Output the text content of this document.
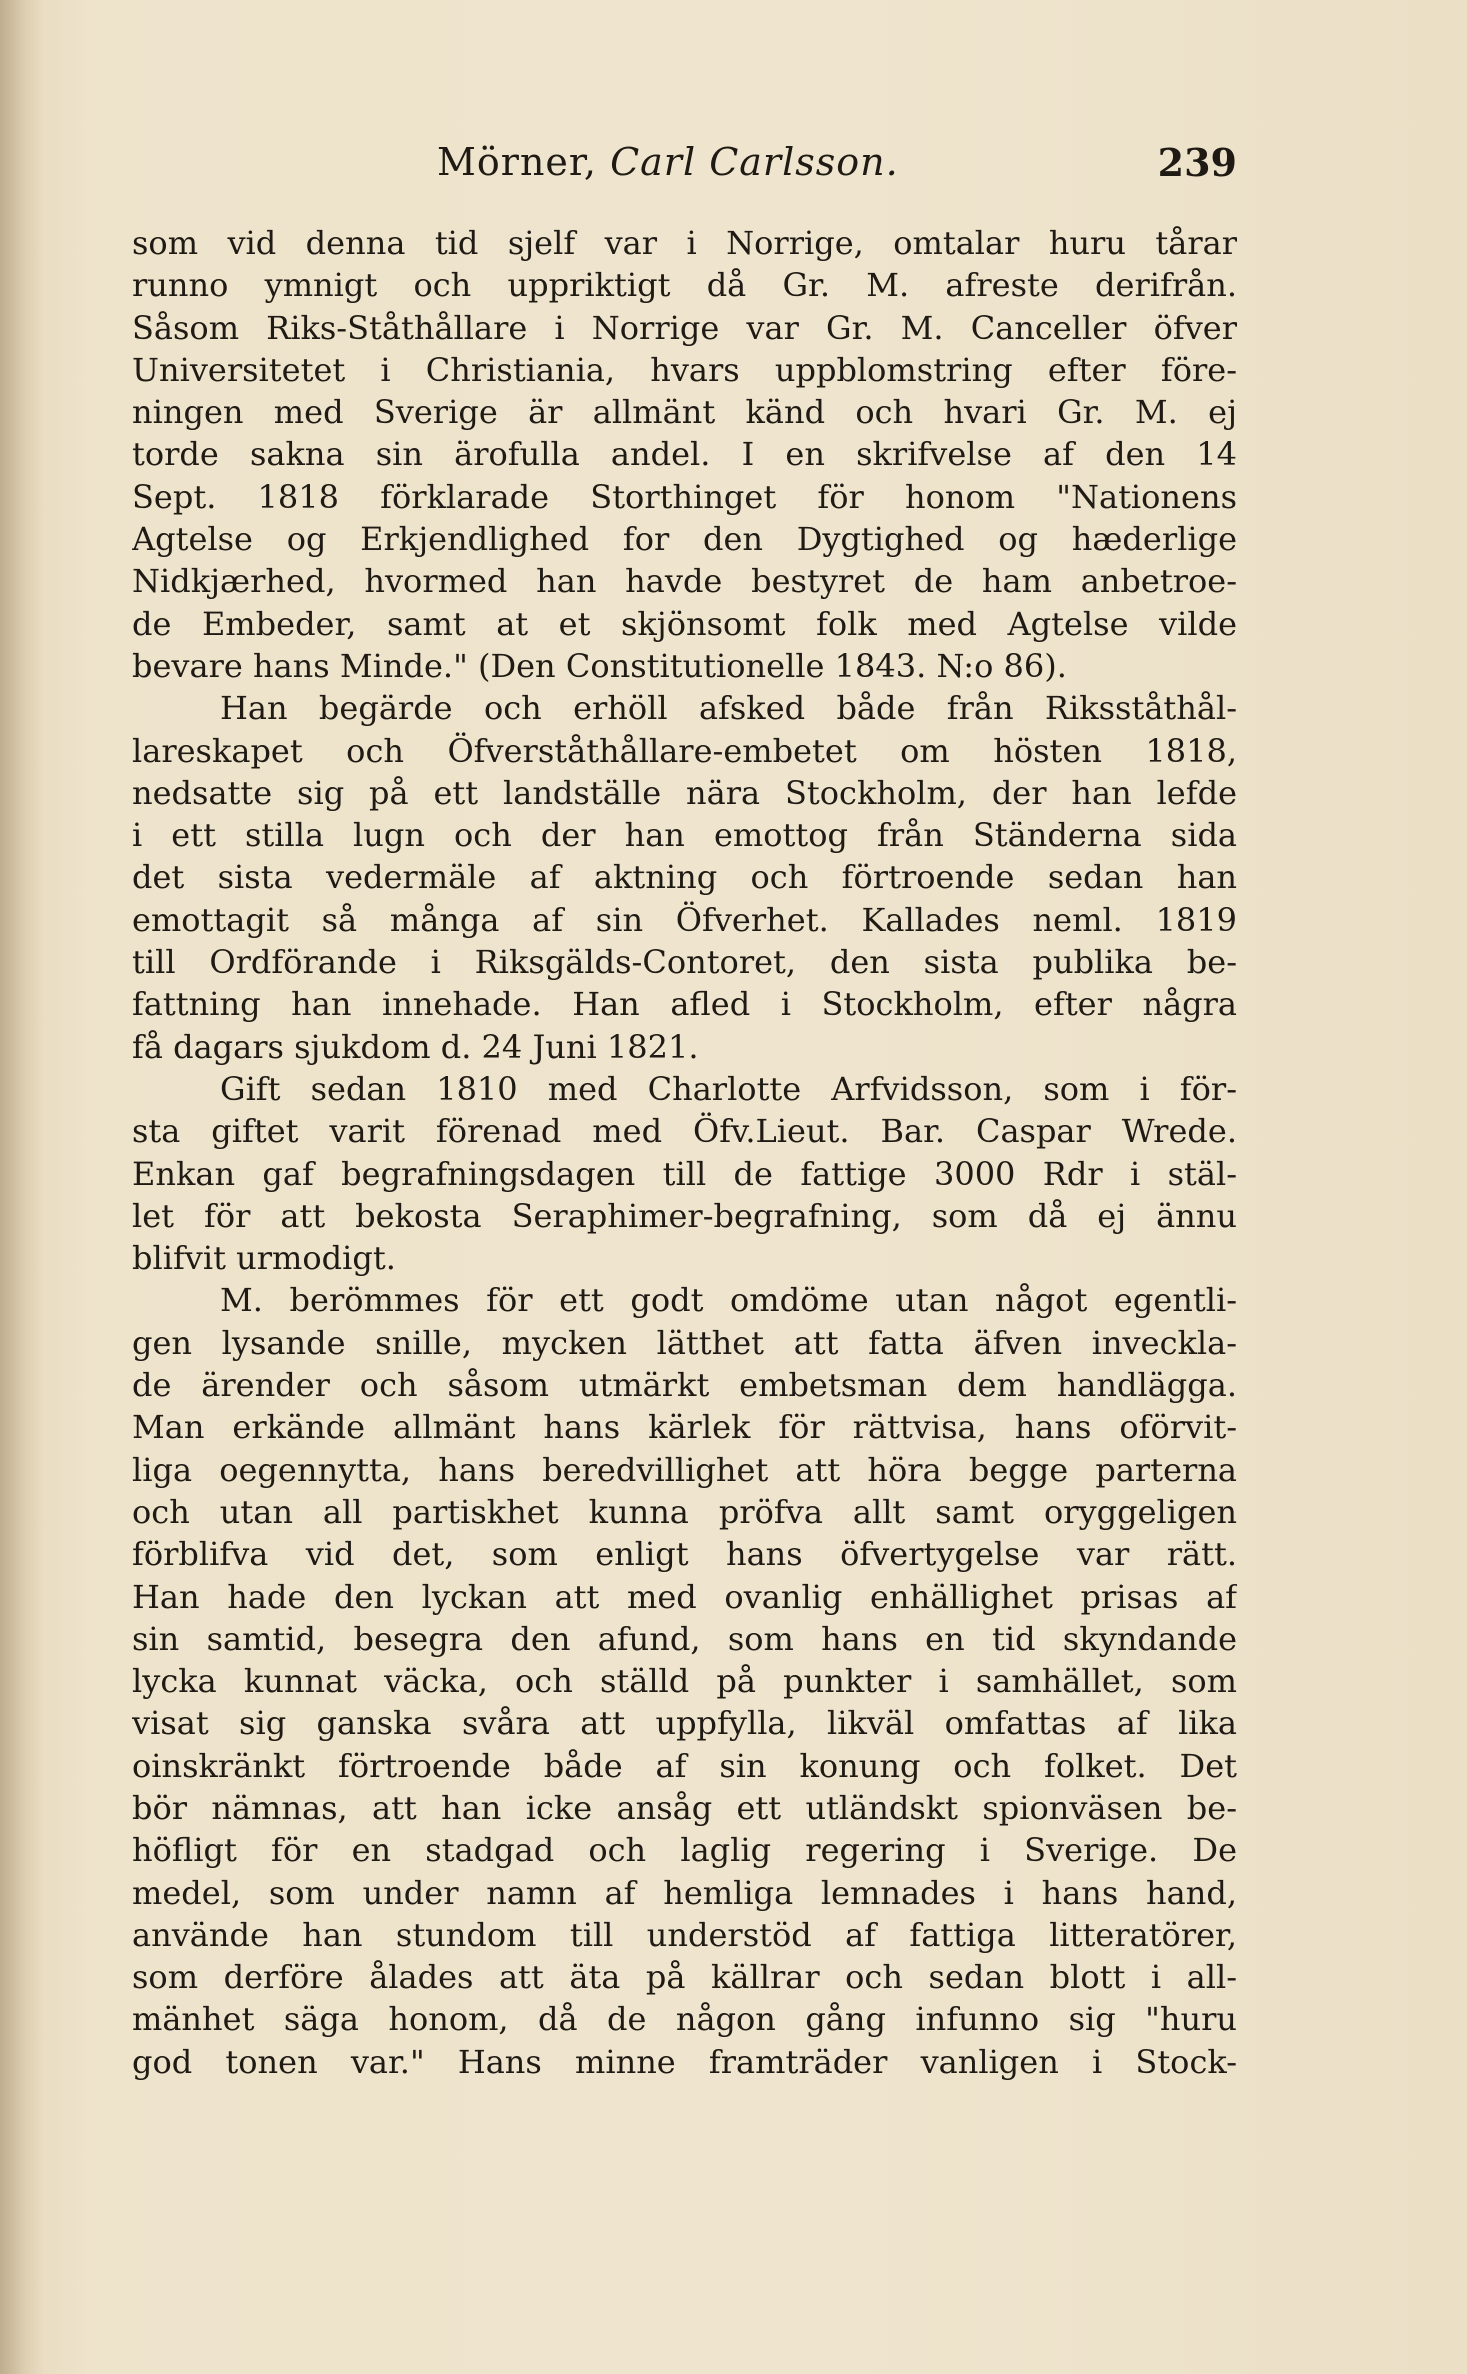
Mörner, Carl Carlsson.	239
som vid denna tid sjelf var i Norrige, omtalar huru tårar
runno ymnigt och uppriktigt då Gr. M. afreste derifrån.
Såsom Riks-Ståthållare i Norrige var Gr. M. Canceller öfver
Universitetet i Christiania, hvars uppblomstring efter före-
ningen med Sverige är allmänt känd och hvari Gr. M. ej
torde sakna sin ärofulla andel. I en skrifvelse af den 14
Sept. 1818 förklarade Storthinget för honom "Nationens
Agtelse og Erkjendlighed for den Dygtighed og hæderlige
Nidkjærhed, hvormed han havde bestyret de ham anbetroe-
de Embeder, samt at et skjönsomt folk med Agtelse vilde
bevare hans Minde." (Den Constitutionelle 1843. N:o 86).
Han begärde och erhöll afsked både från Riksståthål-
lareskapet och Öfverståthållare-embetet om hösten 1818,
nedsatte sig på ett landställe nära Stockholm, der han lefde
i ett stilla lugn och der han emottog från Ständerna sida
det sista vedermäle af aktning och förtroende sedan han
emottagit så många af sin Öfverhet. Kallades neml. 1819
till Ordförande i Riksgälds-Contoret, den sista publika be-
fattning han innehade. Han afled i Stockholm, efter några
få dagars sjukdom d. 24 Juni 1821.
Gift sedan 1810 med Charlotte Arfvidsson, som i för-
sta giftet varit förenad med Öfv.Lieut. Bar. Caspar Wrede.
Enkan gaf begrafningsdagen till de fattige 3000 Rdr i stäl-
let för att bekosta Seraphimer-begrafning, som då ej ännu
blifvit urmodigt.
M. berömmes för ett godt omdöme utan något egentli-
gen lysande snille, mycken lätthet att fatta äfven inveckla-
de ärender och såsom utmärkt embetsman dem handlägga.
Man erkände allmänt hans kärlek för rättvisa, hans oförvit-
liga oegennytta, hans beredvillighet att höra begge parterna
och utan all partiskhet kunna pröfva allt samt oryggeligen
förblifva vid det, som enligt hans öfvertygelse var rätt.
Han hade den lyckan att med ovanlig enhällighet prisas af
sin samtid, besegra den afund, som hans en tid skyndande
lycka kunnat väcka, och ställd på punkter i samhället, som
visat sig ganska svåra att uppfylla, likväl omfattas af lika
oinskränkt förtroende både af sin konung och folket. Det
bör nämnas, att han icke ansåg ett utländskt spionväsen be-
höfligt för en stadgad och laglig regering i Sverige. De
medel, som under namn af hemliga lemnades i hans hand,
använde han stundom till understöd af fattiga litteratörer,
som derföre ålades att äta på källrar och sedan blott i all-
mänhet säga honom, då de någon gång infunno sig "huru
god tonen var." Hans minne framträder vanligen i Stock-
